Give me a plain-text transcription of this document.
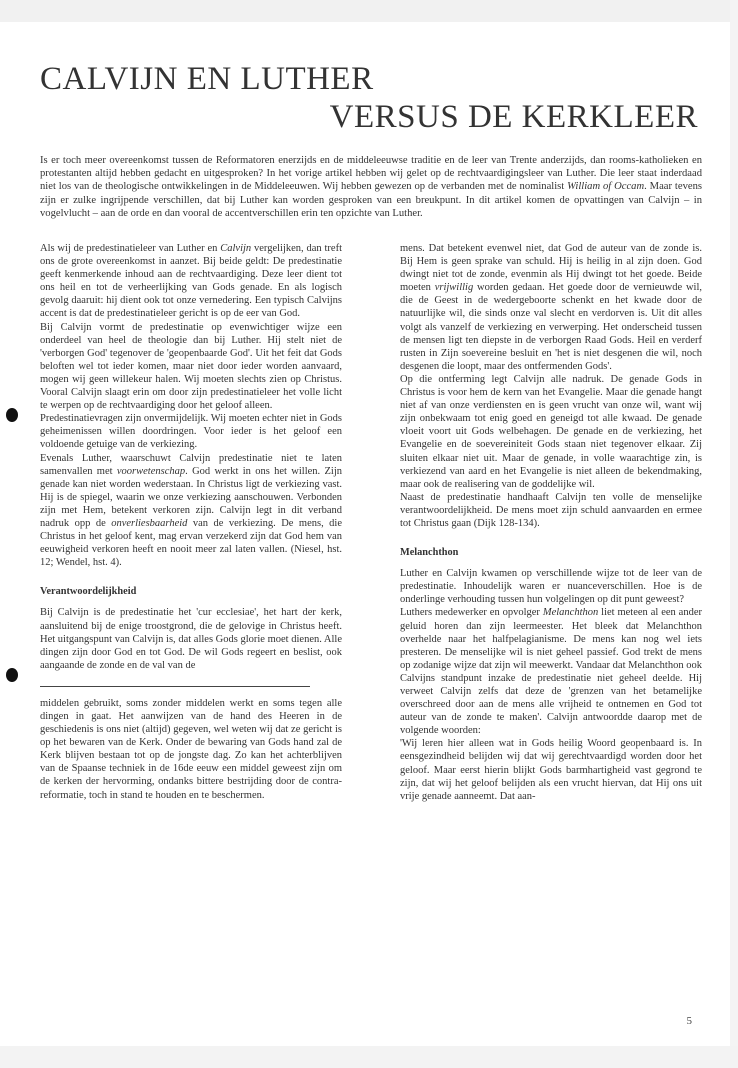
CALVIJN EN LUTHER
VERSUS DE KERKLEER

Is er toch meer overeenkomst tussen de Reformatoren enerzijds en de middeleeuwse traditie en de leer van Trente anderzijds, dan rooms-katholieken en protestanten altijd hebben gedacht en uitgesproken? In het vorige artikel hebben wij gelet op de rechtvaardigingsleer van Luther. Die leer staat inderdaad niet los van de theologische ontwikkelingen in de Middeleeuwen. Wij hebben gewezen op de verbanden met de nominalist William of Occam. Maar tevens zijn er zulke ingrijpende verschillen, dat bij Luther kan worden gesproken van een breukpunt. In dit artikel komen de opvattingen van Calvijn – in vogelvlucht – aan de orde en dan vooral de accentverschillen erin ten opzichte van Luther.

Als wij de predestinatieleer van Luther en Calvijn vergelijken, dan treft ons de grote overeenkomst in aanzet. Bij beide geldt: De predestinatie geeft kenmerkende inhoud aan de rechtvaardiging. Deze leer dient tot ons heil en tot de verheerlijking van Gods genade. En als logisch gevolg daaruit: hij dient ook tot onze vernedering. Een typisch Calvijns accent is dat de predestinatieleer gericht is op de eer van God.

Bij Calvijn vormt de predestinatie op evenwichtiger wijze een onderdeel van heel de theologie dan bij Luther. Hij stelt niet de 'verborgen God' tegenover de 'geopenbaarde God'. Uit het feit dat Gods beloften wel tot ieder komen, maar niet door ieder worden aanvaard, mogen wij geen willekeur halen. Wij moeten slechts zien op Christus. Vooral Calvijn slaagt erin om door zijn predestinatieleer het volle licht te werpen op de rechtvaardiging door het geloof alleen.

Predestinatievragen zijn onvermijdelijk. Wij moeten echter niet in Gods geheimenissen willen doordringen. Voor ieder is het geloof een voldoende getuige van de verkiezing.

Evenals Luther, waarschuwt Calvijn predestinatie niet te laten samenvallen met voorwetenschap. God werkt in ons het willen. Zijn genade kan niet worden wederstaan. In Christus ligt de verkiezing vast. Hij is de spiegel, waarin we onze verkiezing aanschouwen. Verbonden zijn met Hem, betekent verkoren zijn. Calvijn legt in dit verband nadruk opp de onverliesbaarheid van de verkiezing. De mens, die Christus in het geloof kent, mag ervan verzekerd zijn dat God hem van eeuwigheid verkoren heeft en nooit meer zal laten vallen. (Niesel, hst. 12; Wendel, hst. 4).

Verantwoordelijkheid

Bij Calvijn is de predestinatie het 'cur ecclesiae', het hart der kerk, aansluitend bij de enige troostgrond, die de gelovige in Christus heeft. Het uitgangspunt van Calvijn is, dat alles Gods glorie moet dienen. Alle dingen zijn door God en tot God. De wil Gods regeert en beslist, ook aangaande de zonde en de val van de

middelen gebruikt, soms zonder middelen werkt en soms tegen alle dingen in gaat. Het aanwijzen van de hand des Heeren in de geschiedenis is ons niet (altijd) gegeven, wel weten wij dat ze gericht is op het bewaren van de Kerk. Onder de bewaring van Gods hand zal de Kerk blijven bestaan tot op de jongste dag. Zo kan het achterblijven van de Spaanse techniek in de 16de eeuw een middel geweest zijn om de kerken der hervorming, ondanks bittere bestrijding door de contra-reformatie, toch in stand te houden en te beschermen.

mens. Dat betekent evenwel niet, dat God de auteur van de zonde is. Bij Hem is geen sprake van schuld. Hij is heilig in al zijn doen. God dwingt niet tot de zonde, evenmin als Hij dwingt tot het goede. Beide moeten vrijwillig worden gedaan. Het goede door de vernieuwde wil, die de Geest in de wedergeboorte schenkt en het kwade door de natuurlijke wil, die sinds onze val slecht en verdorven is. Uit dit alles volgt als vanzelf de verkiezing en verwerping. Het onderscheid tussen de mensen ligt ten diepste in de verborgen Raad Gods. Heil en verderf rusten in Zijn soevereine besluit en 'het is niet desgenen die wil, noch desgenen die loopt, maar des ontfermenden Gods'.

Op die ontferming legt Calvijn alle nadruk. De genade Gods in Christus is voor hem de kern van het Evangelie. Maar die genade hangt niet af van onze verdiensten en is geen vrucht van onze wil, want wij zijn onbekwaam tot enig goed en geneigd tot alle kwaad. De genade vloeit voort uit Gods welbehagen. De genade en de verkiezing, het Evangelie en de soevereiniteit Gods staan niet tegenover elkaar. Zij sluiten elkaar niet uit. Maar de genade, in volle waarachtige zin, is verkiezend van aard en het Evangelie is niet alleen de bekendmaking, maar ook de realisering van de goddelijke wil.

Naast de predestinatie handhaaft Calvijn ten volle de menselijke verantwoordelijkheid. De mens moet zijn schuld aanvaarden en ermee tot Christus gaan (Dijk 128-134).

Melanchthon

Luther en Calvijn kwamen op verschillende wijze tot de leer van de predestinatie. Inhoudelijk waren er nuanceverschillen. Hoe is de onderlinge verhouding tussen hun volgelingen op dit punt geweest?

Luthers medewerker en opvolger Melanchthon liet meteen al een ander geluid horen dan zijn leermeester. Het bleek dat Melanchthon overhelde naar het halfpelagianisme. De mens kan nog wel iets presteren. De menselijke wil is niet geheel passief. God trekt de mens op zodanige wijze dat zijn wil meewerkt. Vandaar dat Melanchthon ook Calvijns standpunt inzake de predestinatie niet geheel deelde. Hij verweet Calvijn zelfs dat deze de 'grenzen van het betamelijke overschreed door aan de mens alle vrijheid te ontnemen en God tot auteur van de zonde te maken'. Calvijn antwoordde daarop met de volgende woorden:

'Wij leren hier alleen wat in Gods heilig Woord geopenbaard is. In eensgezindheid belijden wij dat wij gerechtvaardigd worden door het geloof. Maar eerst hierin blijkt Gods barmhartigheid vast gegrond te zijn, dat wij het geloof belijden als een vrucht hiervan, dat Hij ons uit vrije genade aanneemt. Dat aan-

5
